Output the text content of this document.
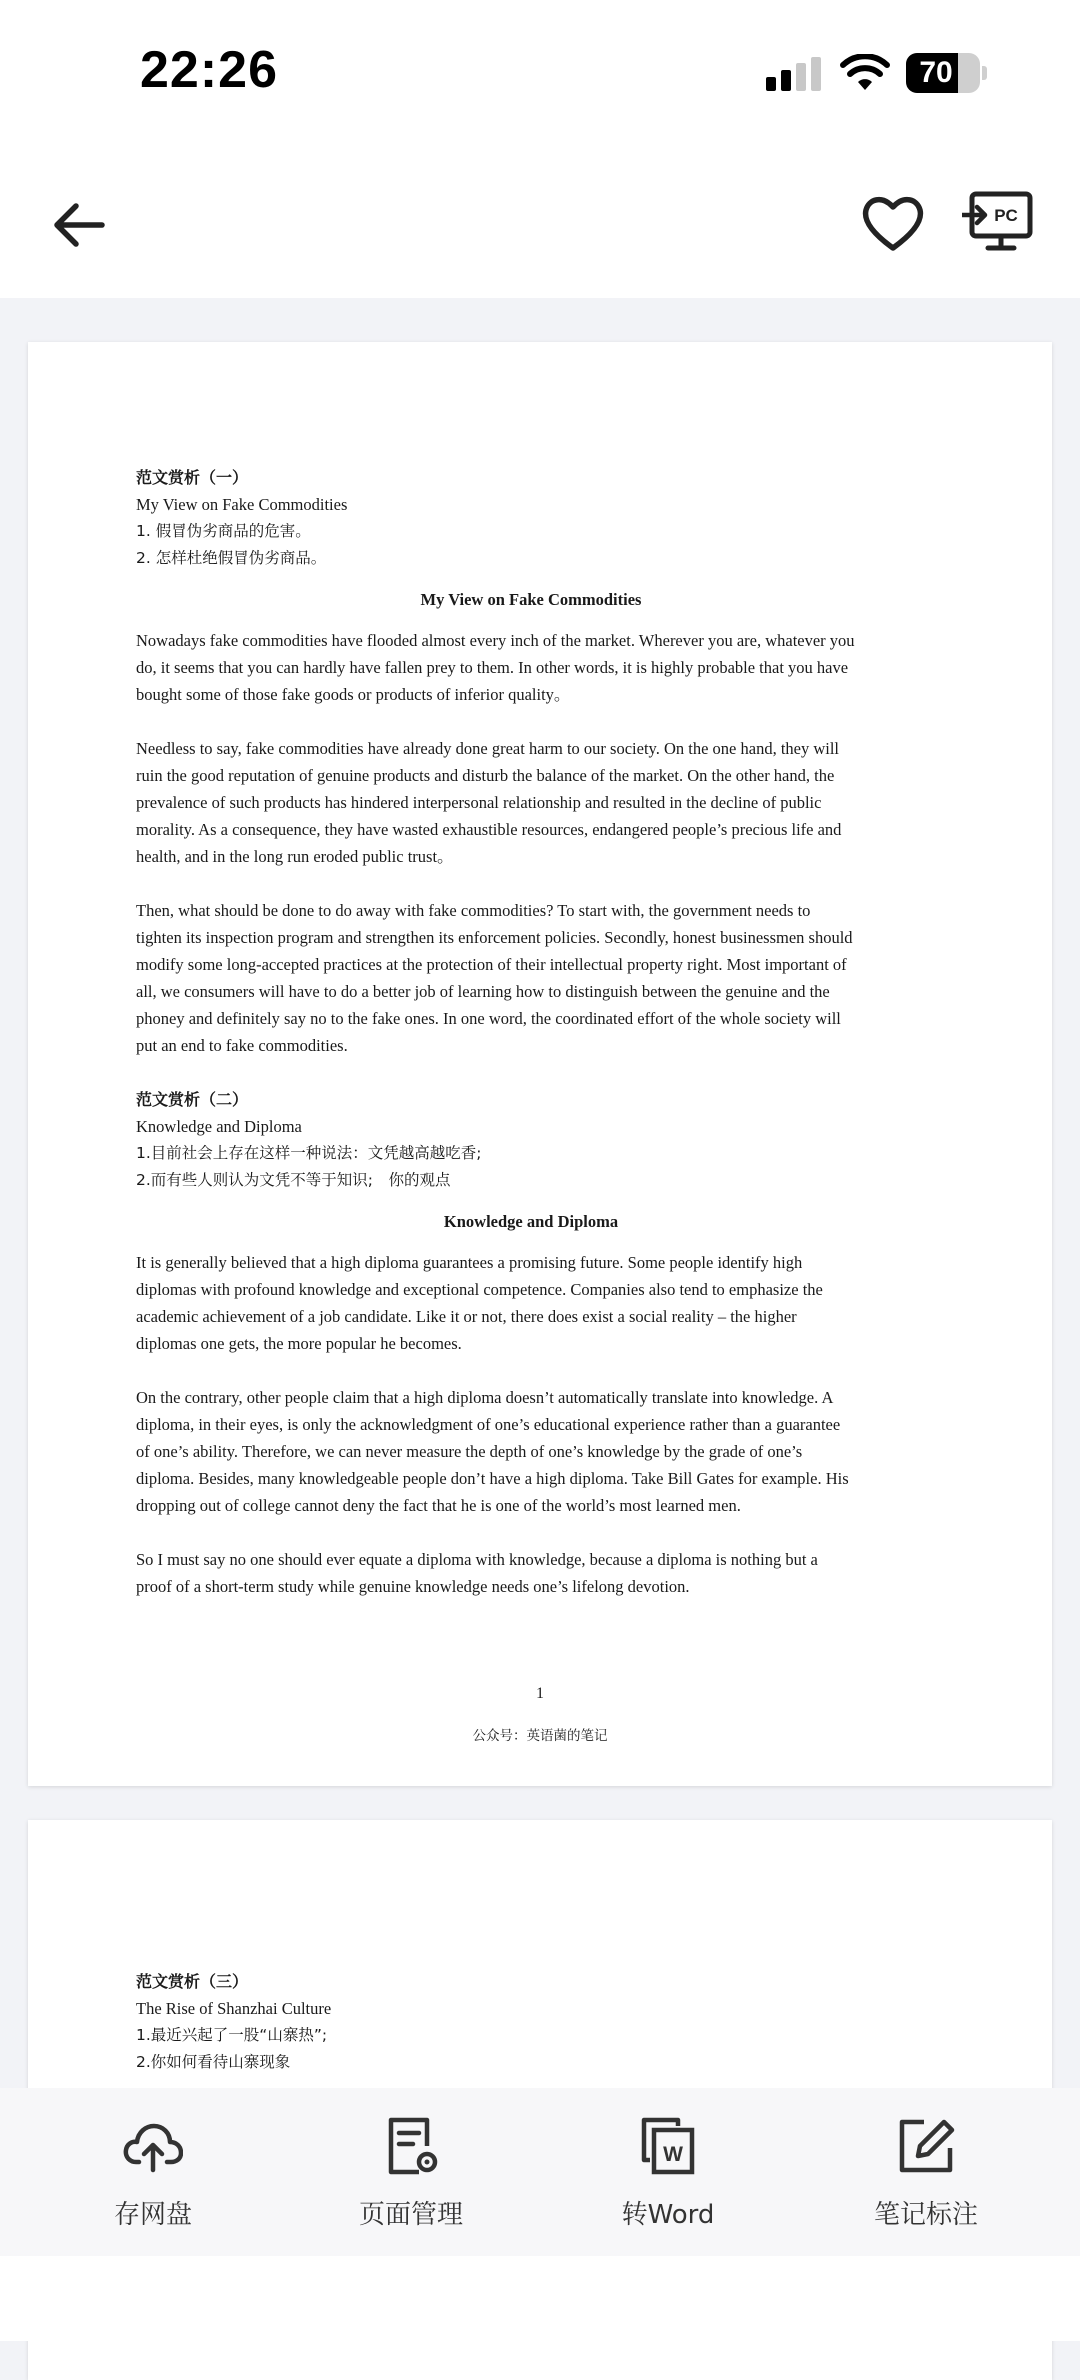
22:26	70
PC
范文赏析（一）
My View on Fake Commodities
1. 假冒伪劣商品的危害。
2. 怎样杜绝假冒伪劣商品。
My View on Fake Commodities
Nowadays fake commodities have flooded almost every inch of the market. Wherever you are, whatever you
do, it seems that you can hardly have fallen prey to them. In other words, it is highly probable that you have
bought some of those fake goods or products of inferior quality。
Needless to say, fake commodities have already done great harm to our society. On the one hand, they will
ruin the good reputation of genuine products and disturb the balance of the market. On the other hand, the
prevalence of such products has hindered interpersonal relationship and resulted in the decline of public
morality. As a consequence, they have wasted exhaustible resources, endangered people’s precious life and
health, and in the long run eroded public trust。
Then, what should be done to do away with fake commodities? To start with, the government needs to
tighten its inspection program and strengthen its enforcement policies. Secondly, honest businessmen should
modify some long-accepted practices at the protection of their intellectual property right. Most important of
all, we consumers will have to do a better job of learning how to distinguish between the genuine and the
phoney and definitely say no to the fake ones. In one word, the coordinated effort of the whole society will
put an end to fake commodities.
范文赏析（二）
Knowledge and Diploma
1.目前社会上存在这样一种说法：文凭越高越吃香;
2.而有些人则认为文凭不等于知识;　你的观点
Knowledge and Diploma
It is generally believed that a high diploma guarantees a promising future. Some people identify high
diplomas with profound knowledge and exceptional competence. Companies also tend to emphasize the
academic achievement of a job candidate. Like it or not, there does exist a social reality – the higher
diplomas one gets, the more popular he becomes.
On the contrary, other people claim that a high diploma doesn’t automatically translate into knowledge. A
diploma, in their eyes, is only the acknowledgment of one’s educational experience rather than a guarantee
of one’s ability. Therefore, we can never measure the depth of one’s knowledge by the grade of one’s
diploma. Besides, many knowledgeable people don’t have a high diploma. Take Bill Gates for example. His
dropping out of college cannot deny the fact that he is one of the world’s most learned men.
So I must say no one should ever equate a diploma with knowledge, because a diploma is nothing but a
proof of a short-term study while genuine knowledge needs one’s lifelong devotion.
1
公众号：英语菌的笔记
范文赏析（三）
The Rise of Shanzhai Culture
1.最近兴起了一股“山寨热”;
2.你如何看待山寨现象
存网盘	页面管理
W
转Word	笔记标注
